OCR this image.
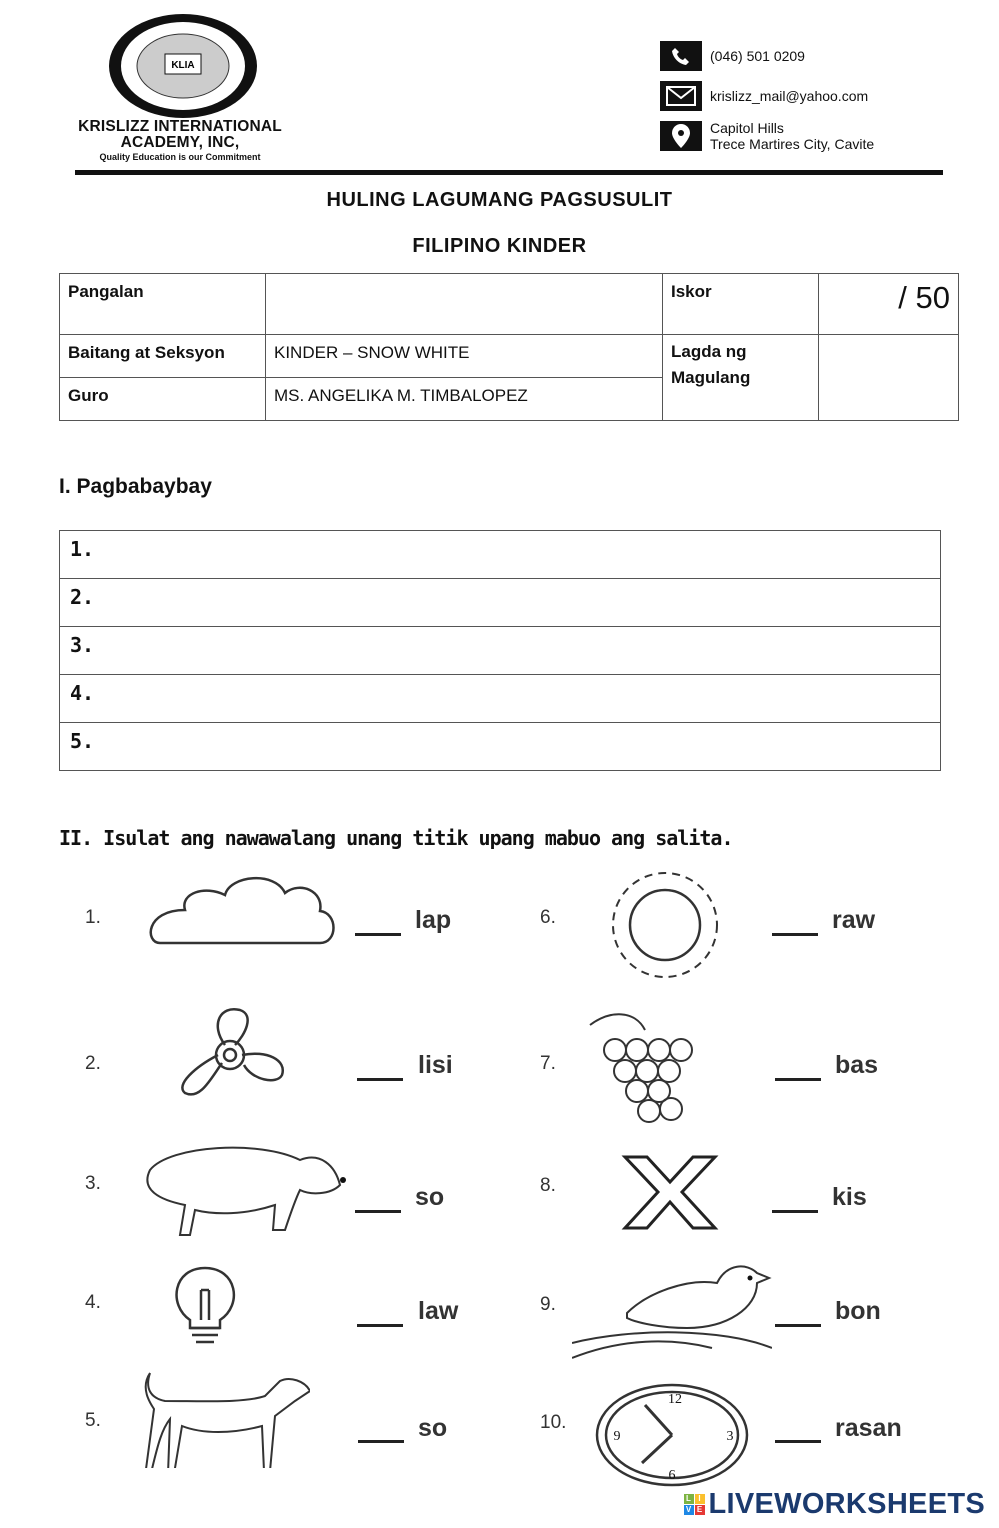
KLIA
KRISLIZZ INTERNATIONAL
ACADEMY, INC,
Quality Education is our Commitment
(046) 501 0209
krislizz_mail@yahoo.com
Capitol Hills
Trece Martires City, Cavite
HULING LAGUMANG PAGSUSULIT
FILIPINO KINDER
Pangalan		Iskor	/ 50
Baitang at Seksyon	KINDER – SNOW WHITE	Lagda ng Magulang	
Guro	MS. ANGELIKA M. TIMBALOPEZ		
I. Pagbabaybay
1.
2.
3.
4.
5.
II. Isulat ang nawawalang unang titik upang mabuo ang salita.
1.	lap
2.	lisi
3.	so
4.	law
5.	so
6.	raw
7.	bas
8.	kis
9.	bon
10.
12
3
6
9	rasan
L I
V E LIVEWORKSHEETS
